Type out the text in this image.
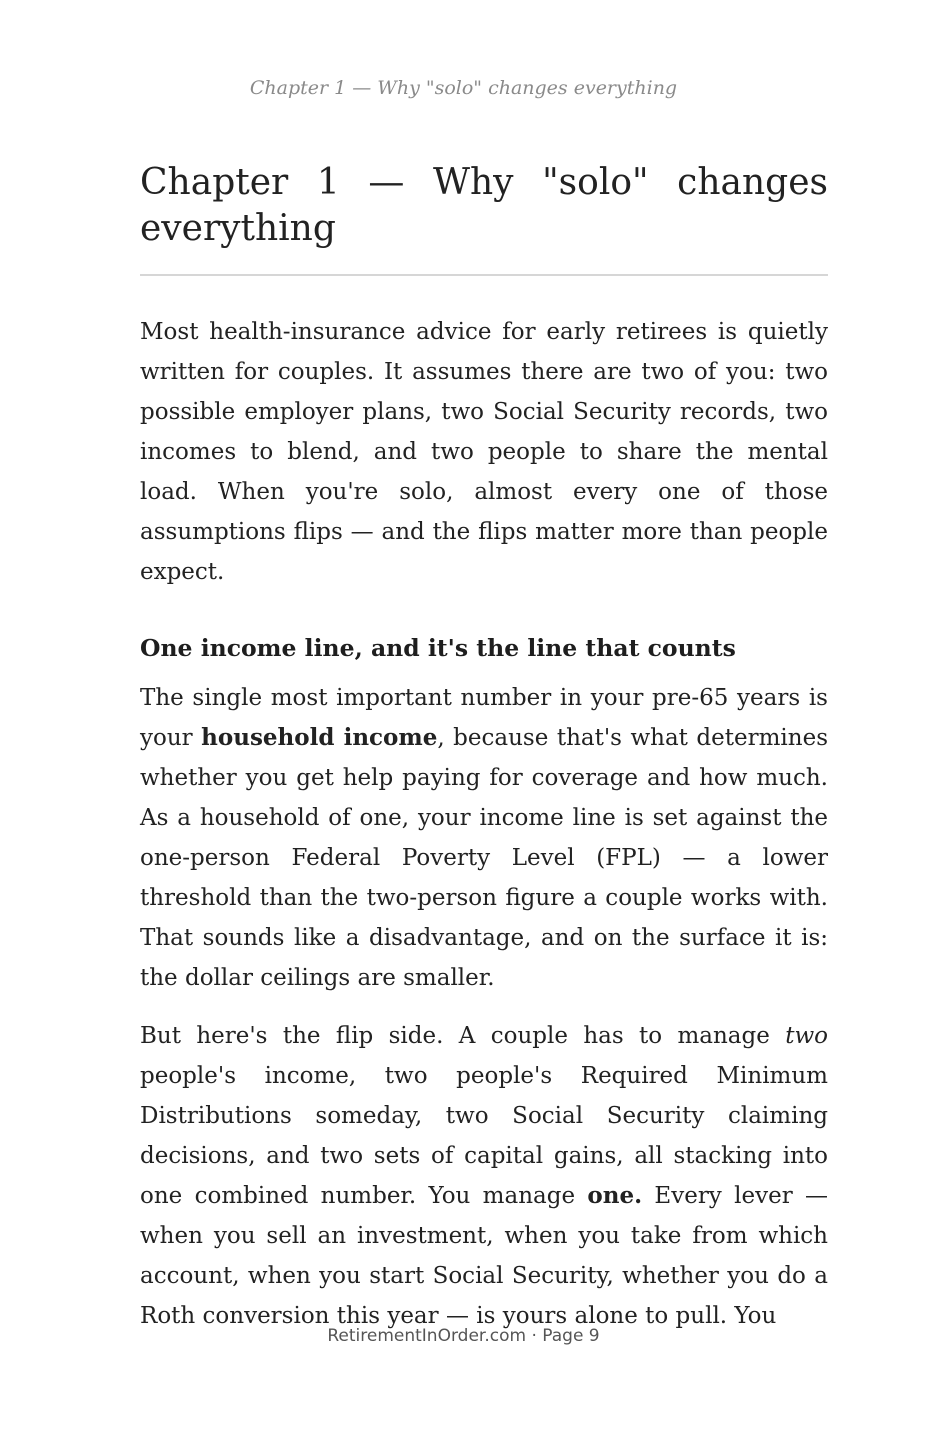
Chapter 1 — Why "solo" changes everything

Chapter 1 — Why "solo" changes everything

Most health-insurance advice for early retirees is quietly written for couples. It assumes there are two of you: two possible employer plans, two Social Security records, two incomes to blend, and two people to share the mental load. When you're solo, almost every one of those assumptions flips — and the flips matter more than people expect.

One income line, and it's the line that counts

The single most important number in your pre-65 years is your household income, because that's what determines whether you get help paying for coverage and how much. As a household of one, your income line is set against the one-person Federal Poverty Level (FPL) — a lower threshold than the two-person figure a couple works with. That sounds like a disadvantage, and on the surface it is: the dollar ceilings are smaller.

But here's the flip side. A couple has to manage two people's income, two people's Required Minimum Distributions someday, two Social Security claiming decisions, and two sets of capital gains, all stacking into one combined number. You manage one. Every lever — when you sell an investment, when you take from which account, when you start Social Security, whether you do a Roth conversion this year — is yours alone to pull. You

RetirementInOrder.com · Page 9
